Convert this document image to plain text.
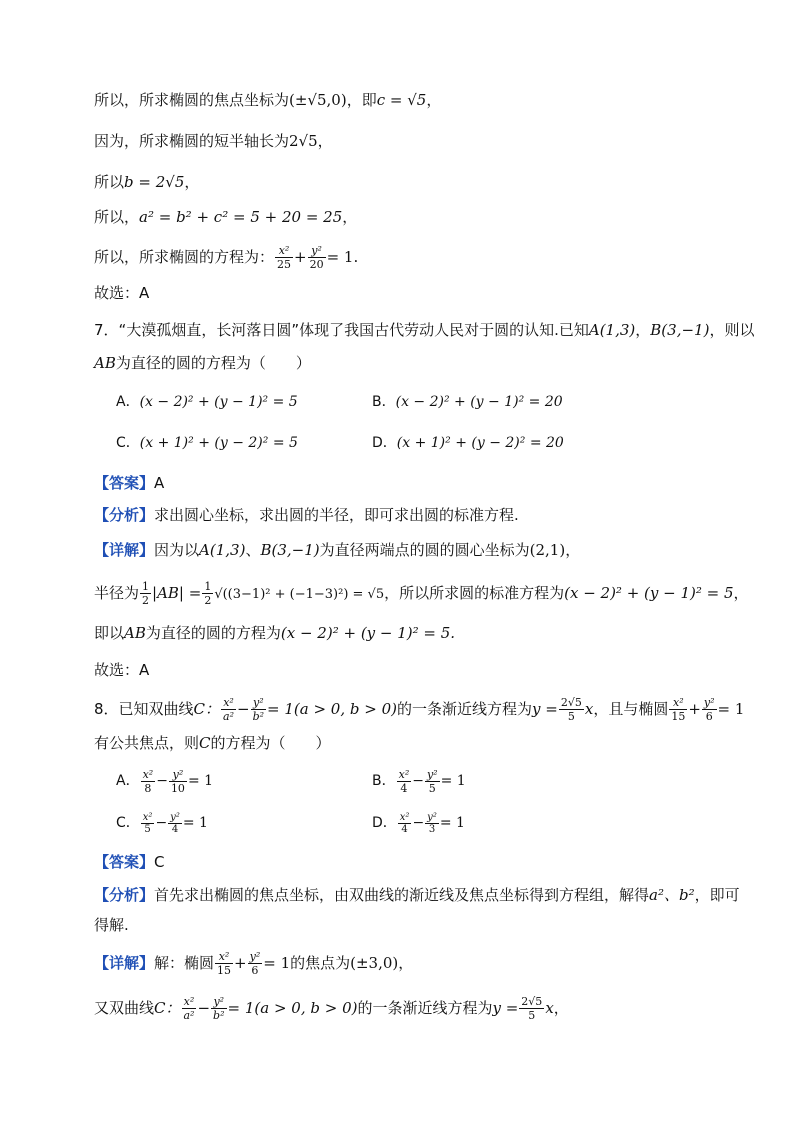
所以，所求椭圆的焦点坐标为(±√5,0)，即c = √5，
因为，所求椭圆的短半轴长为2√5，
所以b = 2√5，
所以，a² = b² + c² = 5 + 20 = 25，
所以，所求椭圆的方程为： $\frac{\text{x²}}{25} + \frac{\text{y²}}{20} = 1$.
故选：A
7．“大漠孤烟直，长河落日圆”体现了我国古代劳动人民对于圆的认知.已知A(1,3)，B(3,−1)，则以
AB为直径的圆的方程为（　　）
A．(x − 2)² + (y − 1)² = 5	B．(x − 2)² + (y − 1)² = 20
C．(x + 1)² + (y − 2)² = 5	D．(x + 1)² + (y − 2)² = 20
【答案】A
【分析】求出圆心坐标，求出圆的半径，即可求出圆的标准方程.
【详解】因为以A(1,3)、B(3,−1)为直径两端点的圆的圆心坐标为(2,1)，
半径为 $\frac{1}{2} |AB| = \frac{1}{2} √((3-1)^2 + (-1-3)^2) = √5$，所以所求圆的标准方程为(x − 2)² + (y − 1)² = 5，
即以AB为直径的圆的方程为(x − 2)² + (y − 1)² = 5.
故选：A
8．已知双曲线C： $\frac{\text{x²}}{\text{a²}} - \frac{\text{y²}}{\text{b²}} = 1(a > 0$, b > 0)的一条渐近线方程为$y = \frac{2√5}{5}$ x，且与椭圆 $\frac{\text{x²}}{15} + \frac{\text{y²}}{6} = 1$
有公共焦点，则C的方程为（　　）
A． $\frac{\text{x²}}{8} - \frac{\text{y²}}{10} = 1$	B． $\frac{\text{x²}}{4} - \frac{\text{y²}}{5} = 1$
C． $\frac{\text{x²}}{5} - \frac{\text{y²}}{4} = 1$	D． $\frac{\text{x²}}{4} - \frac{\text{y²}}{3} = 1$
【答案】C
【分析】首先求出椭圆的焦点坐标，由双曲线的渐近线及焦点坐标得到方程组，解得a²、b²，即可
得解.
【详解】解：椭圆 $\frac{\text{x²}}{15} + \frac{\text{y²}}{6} = 1$的焦点为(±3,0)，
又双曲线C： $\frac{\text{x²}}{\text{a²}} - \frac{\text{y²}}{\text{b²}} = 1(a > 0$, b > 0)的一条渐近线方程为$y = \frac{2√5}{5}$ x，
